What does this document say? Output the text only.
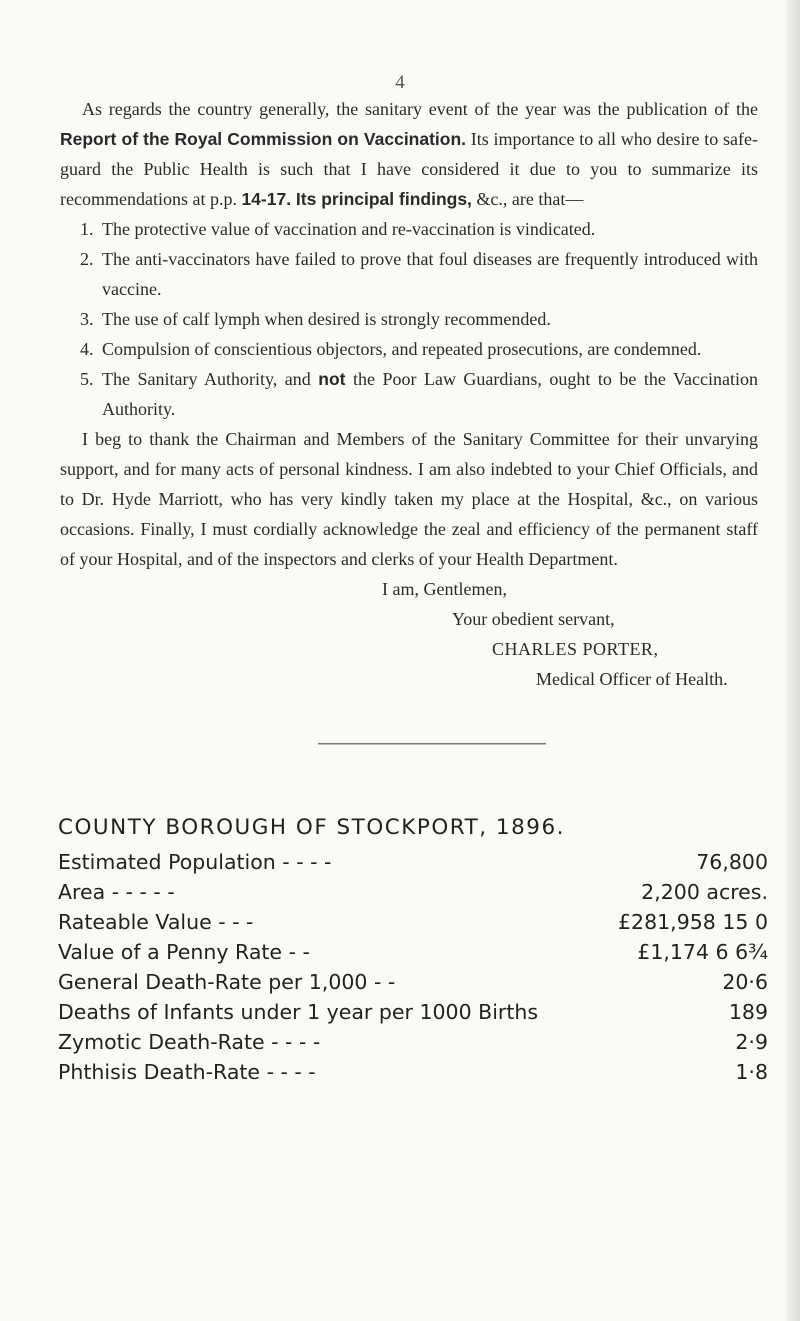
4

As regards the country generally, the sanitary event of the year was the publication of the Report of the Royal Commission on Vaccination. Its importance to all who desire to safe-guard the Public Health is such that I have considered it due to you to summarize its recommendations at p.p. 14-17. Its principal findings, &c., are that—

1. The protective value of vaccination and re-vaccination is vindicated.
2. The anti-vaccinators have failed to prove that foul diseases are frequently introduced with vaccine.
3. The use of calf lymph when desired is strongly recommended.
4. Compulsion of conscientious objectors, and repeated prosecutions, are condemned.
5. The Sanitary Authority, and not the Poor Law Guardians, ought to be the Vaccination Authority.

I beg to thank the Chairman and Members of the Sanitary Committee for their unvarying support, and for many acts of personal kindness. I am also indebted to your Chief Officials, and to Dr. Hyde Marriott, who has very kindly taken my place at the Hospital, &c., on various occasions. Finally, I must cordially acknowledge the zeal and efficiency of the permanent staff of your Hospital, and of the inspectors and clerks of your Health Department.

I am, Gentlemen,
Your obedient servant,
CHARLES PORTER,
Medical Officer of Health.
COUNTY BOROUGH OF STOCKPORT, 1896.
Estimated Population - - - -	76,800
Area - - - - -	2,200 acres.
Rateable Value - - -	£281,958 15 0
Value of a Penny Rate - -	£1,174 6 6¾
General Death-Rate per 1,000 - -	20·6
Deaths of Infants under 1 year per 1000 Births	189
Zymotic Death-Rate - - - -	2·9
Phthisis Death-Rate - - - -	1·8
